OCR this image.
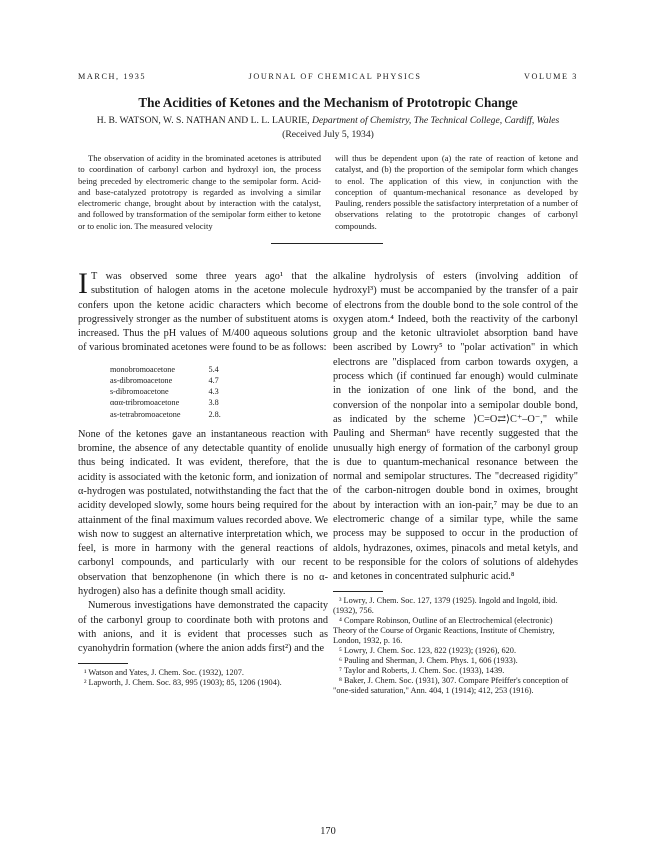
MARCH, 1935	JOURNAL OF CHEMICAL PHYSICS	VOLUME 3
The Acidities of Ketones and the Mechanism of Prototropic Change
H. B. WATSON, W. S. NATHAN AND L. L. LAURIE, Department of Chemistry, The Technical College, Cardiff, Wales
(Received July 5, 1934)

The observation of acidity in the brominated acetones is attributed to coordination of carbonyl carbon and hydroxyl ion, the process being preceded by electromeric change to the semipolar form. Acid- and base-catalyzed prototropy is regarded as involving a similar electromeric change, brought about by interaction with the catalyst, and followed by transformation of the semipolar form either to ketone or to enolic ion. The measured velocity

will thus be dependent upon (a) the rate of reaction of ketone and catalyst, and (b) the proportion of the semipolar form which changes to enol. The application of this view, in conjunction with the conception of quantum-mechanical resonance as developed by Pauling, renders possible the satisfactory interpretation of a number of observations relating to the prototropic changes of carbonyl compounds.

I T was observed some three years ago¹ that the substitution of halogen atoms in the acetone molecule confers upon the ketone acidic characters which become progressively stronger as the number of substituent atoms is increased. Thus the pH values of M/400 aqueous solutions of various brominated acetones were found to be as follows:

monobromoacetone	5.4
as-dibromoacetone	4.7
s-dibromoacetone	4.3
ααα-tribromoacetone	3.8
as-tetrabromoacetone	2.8.

None of the ketones gave an instantaneous reaction with bromine, the absence of any detectable quantity of enolide thus being indicated. It was evident, therefore, that the acidity is associated with the ketonic form, and ionization of α-hydrogen was postulated, notwithstanding the fact that the acidity developed slowly, some hours being required for the attainment of the final maximum values recorded above. We wish now to suggest an alternative interpretation which, we feel, is more in harmony with the general reactions of carbonyl compounds, and particularly with our recent observation that benzophenone (in which there is no α-hydrogen) also has a definite though small acidity.

Numerous investigations have demonstrated the capacity of the carbonyl group to coordinate both with protons and with anions, and it is evident that processes such as cyanohydrin formation (where the anion adds first²) and the

¹ Watson and Yates, J. Chem. Soc. (1932), 1207.
² Lapworth, J. Chem. Soc. 83, 995 (1903); 85, 1206 (1904).

alkaline hydrolysis of esters (involving addition of hydroxyl³) must be accompanied by the transfer of a pair of electrons from the double bond to the sole control of the oxygen atom.⁴ Indeed, both the reactivity of the carbonyl group and the ketonic ultraviolet absorption band have been ascribed by Lowry⁵ to "polar activation" in which electrons are "displaced from carbon towards oxygen, a process which (if continued far enough) would culminate in the ionization of one link of the bond, and the conversion of the nonpolar into a semipolar double bond, as indicated by the scheme ⟩C=O⇄⟩C⁺–O⁻," while Pauling and Sherman⁶ have recently suggested that the unusually high energy of formation of the carbonyl group is due to quantum-mechanical resonance between the normal and semipolar structures. The "decreased rigidity" of the carbon-nitrogen double bond in oximes, brought about by interaction with an ion-pair,⁷ may be due to an electromeric change of a similar type, while the same process may be supposed to occur in the production of aldols, hydrazones, oximes, pinacols and metal ketyls, and to be responsible for the colors of solutions of aldehydes and ketones in concentrated sulphuric acid.⁸

³ Lowry, J. Chem. Soc. 127, 1379 (1925). Ingold and Ingold, ibid. (1932), 756.
⁴ Compare Robinson, Outline of an Electrochemical (electronic) Theory of the Course of Organic Reactions, Institute of Chemistry, London, 1932, p. 16.
⁵ Lowry, J. Chem. Soc. 123, 822 (1923); (1926), 620.
⁶ Pauling and Sherman, J. Chem. Phys. 1, 606 (1933).
⁷ Taylor and Roberts, J. Chem. Soc. (1933), 1439.
⁸ Baker, J. Chem. Soc. (1931), 307. Compare Pfeiffer's conception of "one-sided saturation," Ann. 404, 1 (1914); 412, 253 (1916).
170
